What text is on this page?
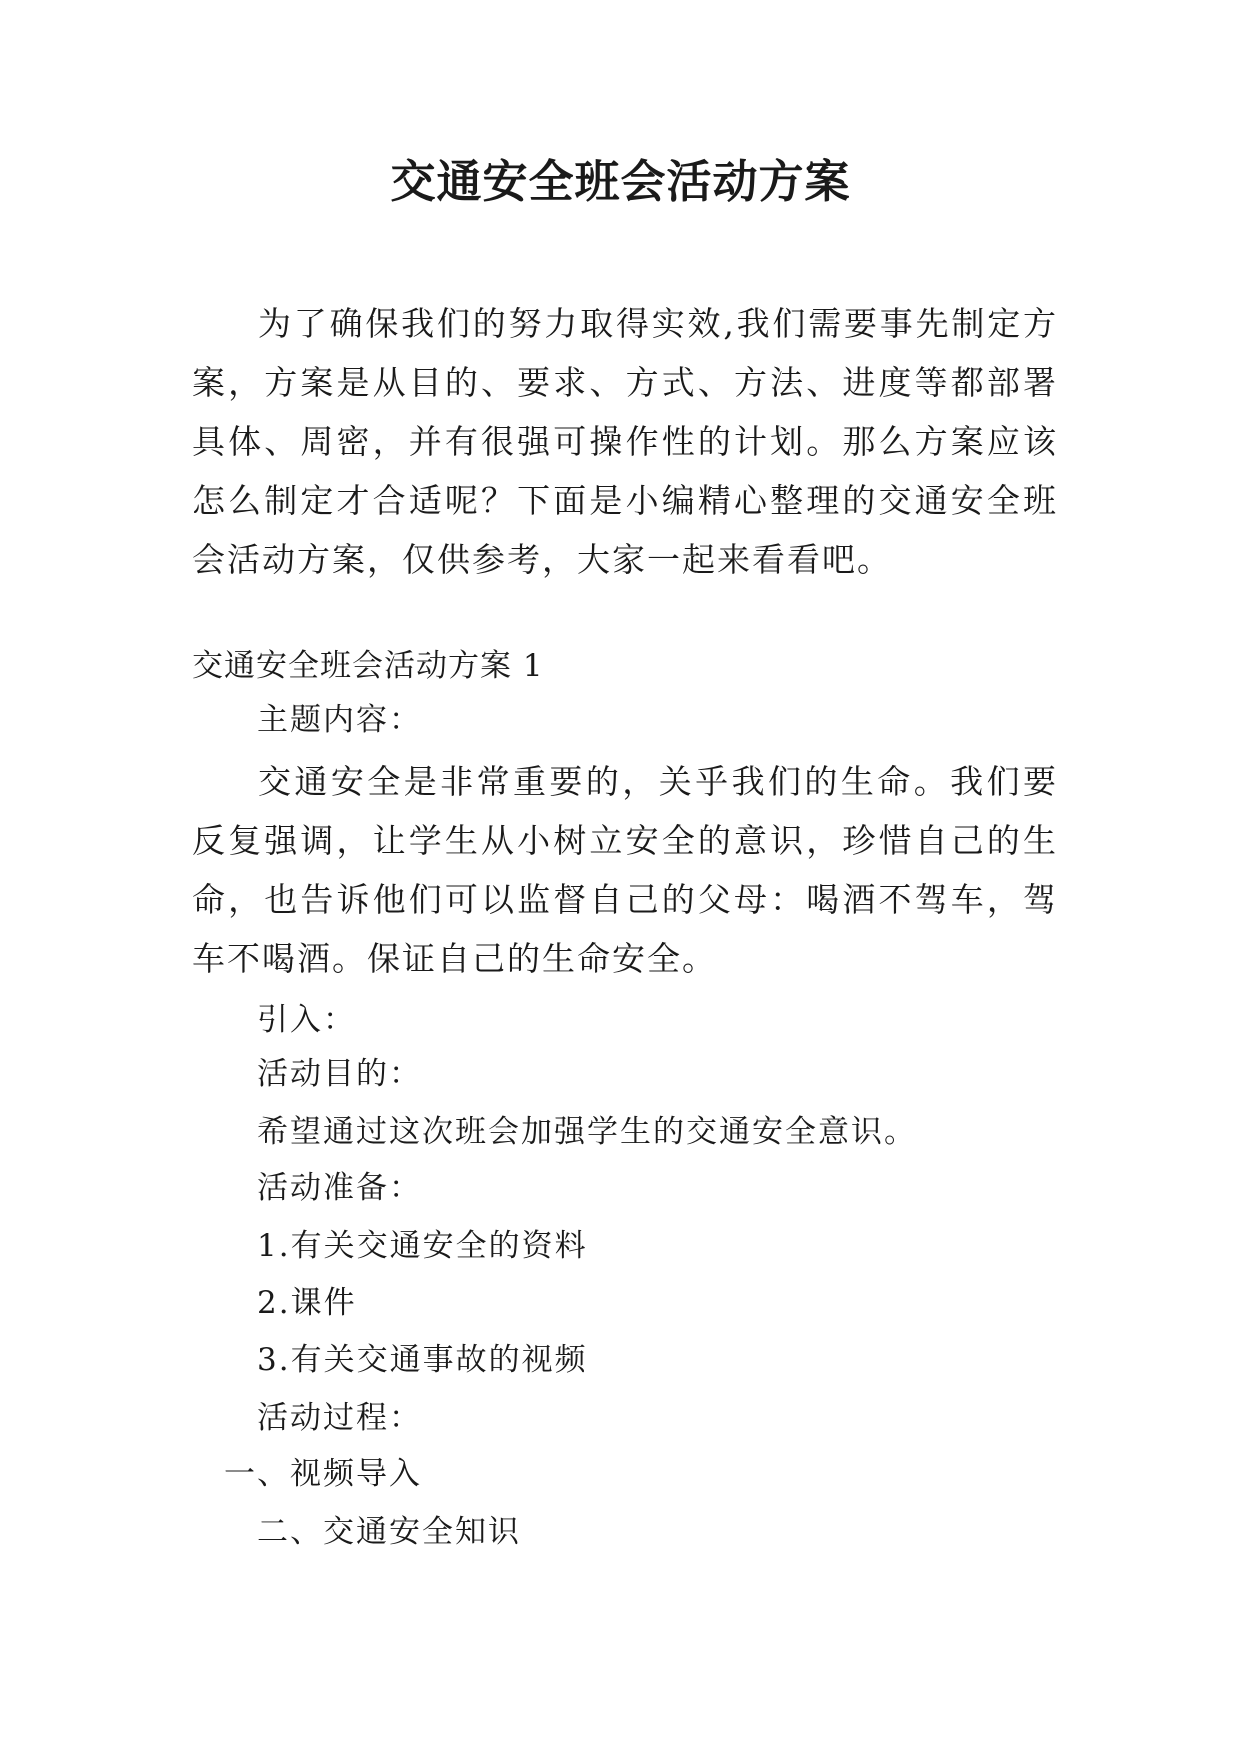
交通安全班会活动方案

为了确保我们的努力取得实效,我们需要事先制定方案，方案是从目的、要求、方式、方法、进度等都部署具体、周密，并有很强可操作性的计划。那么方案应该怎么制定才合适呢？下面是小编精心整理的交通安全班会活动方案，仅供参考，大家一起来看看吧。

交通安全班会活动方案 1

主题内容：

交通安全是非常重要的，关乎我们的生命。我们要反复强调，让学生从小树立安全的意识，珍惜自己的生命，也告诉他们可以监督自己的父母：喝酒不驾车，驾车不喝酒。保证自己的生命安全。

引入：

活动目的：

希望通过这次班会加强学生的交通安全意识。

活动准备：

1.有关交通安全的资料

2.课件

3.有关交通事故的视频

活动过程：

一、视频导入

二、交通安全知识
